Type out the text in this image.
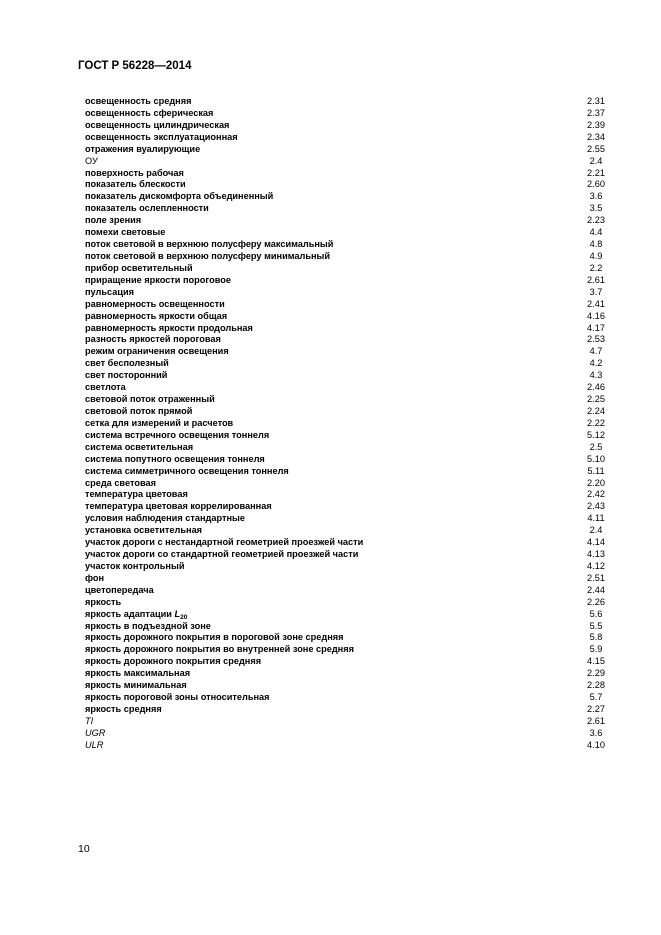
ГОСТ Р 56228—2014
освещенность средняя	2.31
освещенность сферическая	2.37
освещенность цилиндрическая	2.39
освещенность эксплуатационная	2.34
отражения вуалирующие	2.55
ОУ	2.4
поверхность рабочая	2.21
показатель блескости	2.60
показатель дискомфорта объединенный	3.6
показатель ослепленности	3.5
поле зрения	2.23
помехи световые	4.4
поток световой в верхнюю полусферу максимальный	4.8
поток световой в верхнюю полусферу минимальный	4.9
прибор осветительный	2.2
приращение яркости пороговое	2.61
пульсация	3.7
равномерность освещенности	2.41
равномерность яркости общая	4.16
равномерность яркости продольная	4.17
разность яркостей пороговая	2.53
режим ограничения освещения	4.7
свет бесполезный	4.2
свет посторонний	4.3
светлота	2.46
световой поток отраженный	2.25
световой поток прямой	2.24
сетка для измерений и расчетов	2.22
система встречного освещения тоннеля	5.12
система осветительная	2.5
система попутного освещения тоннеля	5.10
система симметричного освещения тоннеля	5.11
среда световая	2.20
температура цветовая	2.42
температура цветовая коррелированная	2.43
условия наблюдения стандартные	4.11
установка осветительная	2.4
участок дороги с нестандартной геометрией проезжей части	4.14
участок дороги со стандартной геометрией проезжей части	4.13
участок контрольный	4.12
фон	2.51
цветопередача	2.44
яркость	2.26
яркость адаптации $L_{20}$	5.6
яркость в подъездной зоне	5.5
яркость дорожного покрытия в пороговой зоне средняя	5.8
яркость дорожного покрытия во внутренней зоне средняя	5.9
яркость дорожного покрытия средняя	4.15
яркость максимальная	2.29
яркость минимальная	2.28
яркость пороговой зоны относительная	5.7
яркость средняя	2.27
TI	2.61
UGR	3.6
ULR	4.10
10
